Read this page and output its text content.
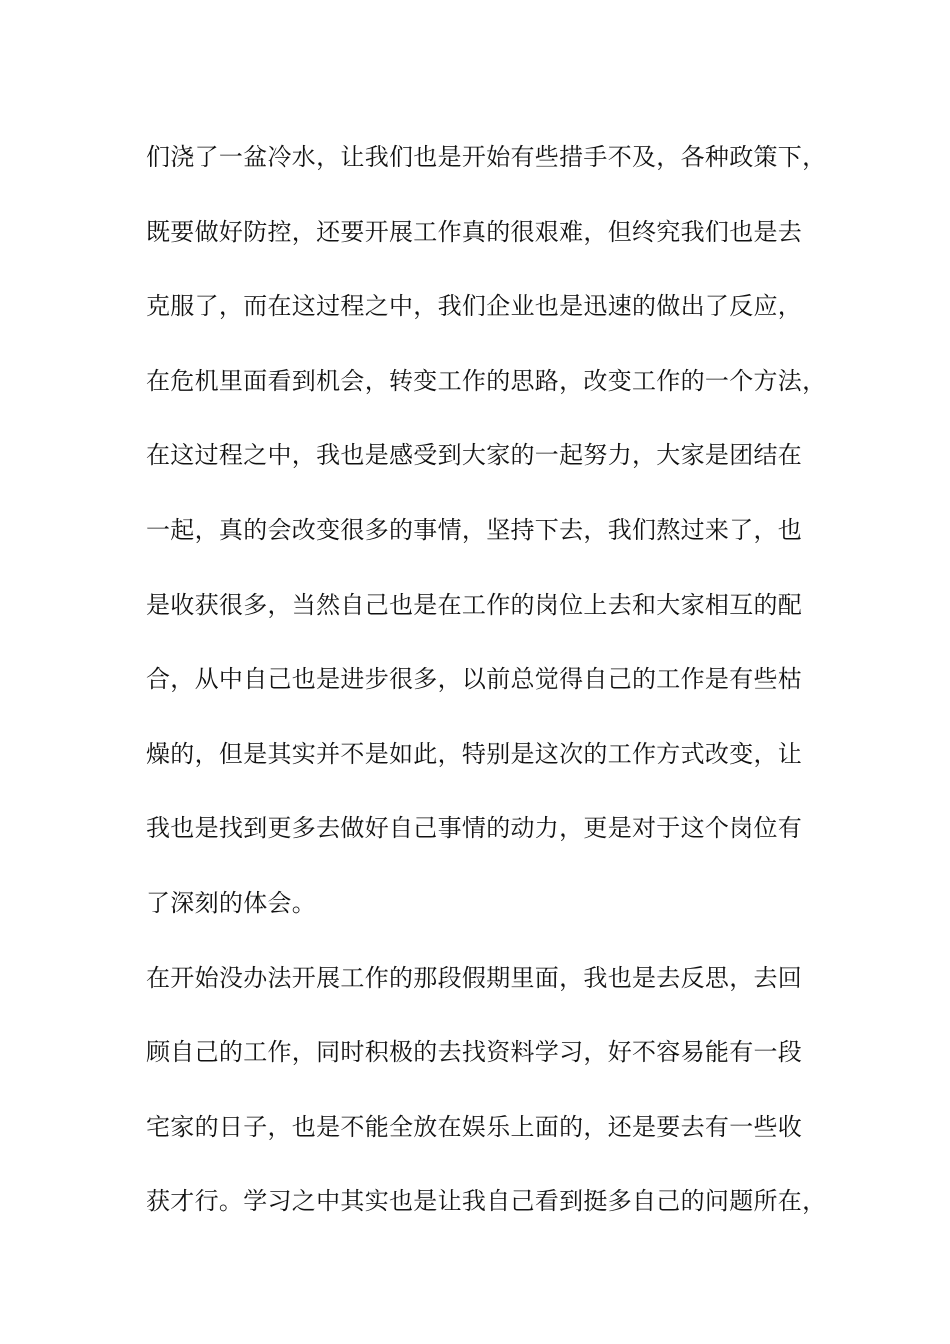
们浇了一盆冷水，让我们也是开始有些措手不及，各种政策下，
既要做好防控，还要开展工作真的很艰难，但终究我们也是去
克服了，而在这过程之中，我们企业也是迅速的做出了反应，
在危机里面看到机会，转变工作的思路，改变工作的一个方法，
在这过程之中，我也是感受到大家的一起努力，大家是团结在
一起，真的会改变很多的事情，坚持下去，我们熬过来了，也
是收获很多，当然自己也是在工作的岗位上去和大家相互的配
合，从中自己也是进步很多，以前总觉得自己的工作是有些枯
燥的，但是其实并不是如此，特别是这次的工作方式改变，让
我也是找到更多去做好自己事情的动力，更是对于这个岗位有
了深刻的体会。
在开始没办法开展工作的那段假期里面，我也是去反思，去回
顾自己的工作，同时积极的去找资料学习，好不容易能有一段
宅家的日子，也是不能全放在娱乐上面的，还是要去有一些收
获才行。学习之中其实也是让我自己看到挺多自己的问题所在，
